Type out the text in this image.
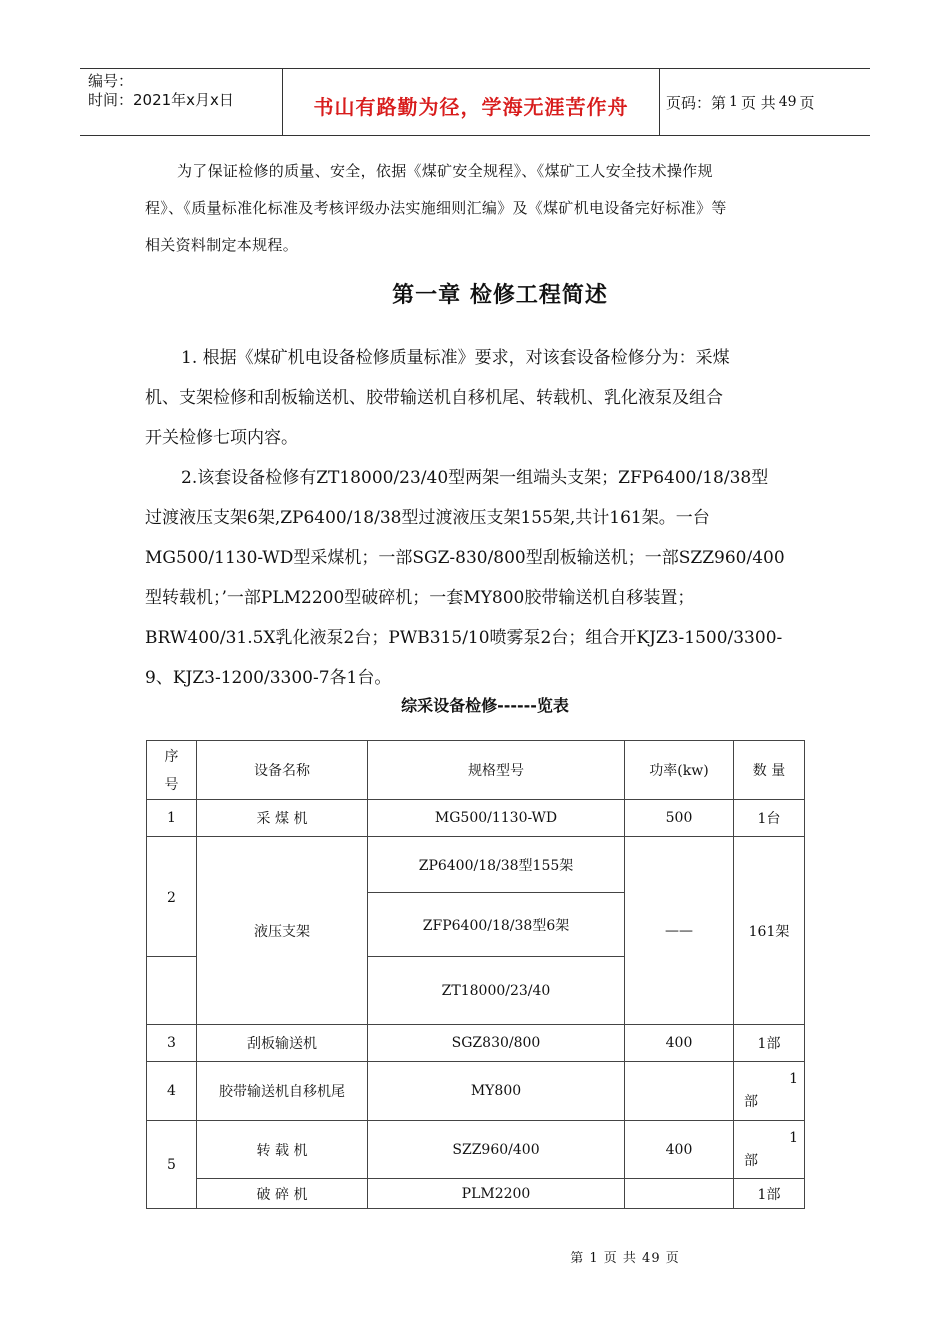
编号：
时间：2021年x月x日	书山有路勤为径，学海无涯苦作舟	页码：第 1 页 共 49 页
为了保证检修的质量、安全，依据《煤矿安全规程》、《煤矿工人安全技术操作规
程》、《质量标准化标准及考核评级办法实施细则汇编》及《煤矿机电设备完好标准》等
相关资料制定本规程。
第一章 检修工程简述
1. 根据《煤矿机电设备检修质量标准》要求，对该套设备检修分为：采煤
机、支架检修和刮板输送机、胶带输送机自移机尾、转载机、乳化液泵及组合
开关检修七项内容。
2.该套设备检修有ZT18000/23/40型两架一组端头支架；ZFP6400/18/38型
过渡液压支架6架,ZP6400/18/38型过渡液压支架155架,共计161架。一台
MG500/1130-WD型采煤机；一部SGZ-830/800型刮板输送机；一部SZZ960/400
型转载机；’一部PLM2200型破碎机；一套MY800胶带输送机自移装置；
BRW400/31.5X乳化液泵2台；PWB315/10喷雾泵2台；组合开KJZ3-1500/3300-
9、KJZ3-1200/3300-7各1台。
综采设备检修------览表
序
号	设备名称	规格型号	功率(kw)	数 量
1	采 煤 机	MG500/1130-WD	500	1台
2	液压支架	ZP6400/18/38型155架	——	161架
		ZFP6400/18/38型6架		
		ZT18000/23/40		
3	刮板输送机	SGZ830/800	400	1部
4	胶带输送机自移机尾	MY800		1
部

5	转 载 机	SZZ960/400	400	1
部

	破 碎 机	PLM2200		1部
第 1 页 共 49 页
